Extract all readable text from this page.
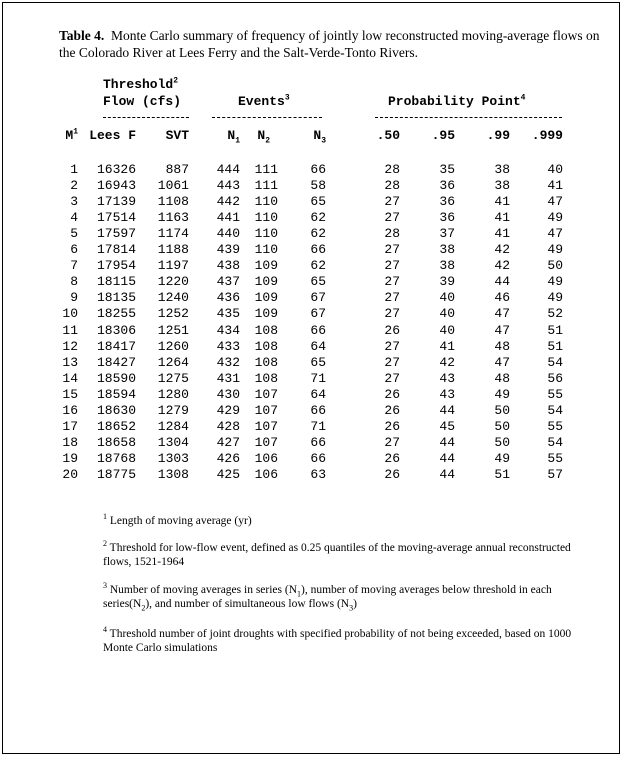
Table 4. Monte Carlo summary of frequency of jointly low reconstructed moving-average flows on the Colorado River at Lees Ferry and the Salt-Verde-Tonto Rivers.
Threshold$^2$
Flow (cfs)	Events$^3$	Probability Point$^4$
$M^1$ Lees F SVT	$N_1$ $N_2$	$N_3$	.50 .95 .99 .999
1 16326 887 444 111 66	28	35	38	40
2 16943 1061 443 111 58	28	36	38	41
3 17139 1108 442 110 65	27	36	41	47
4 17514 1163 441 110 62	27	36	41	49
5 17597 1174 440 110 62	28	37	41	47
6 17814 1188 439 110 66	27	38	42	49
7 17954 1197 438 109 62	27	38	42	50
8 18115 1220 437 109 65	27	39	44	49
9 18135 1240 436 109 67	27	40	46	49
10 18255 1252 435 109 67	27	40	47	52
11 18306 1251 434 108 66	26	40	47	51
12 18417 1260 433 108 64	27	41	48	51
13 18427 1264 432 108 65	27	42	47	54
14 18590 1275 431 108 71	27	43	48	56
15 18594 1280 430 107 64	26	43	49	55
16 18630 1279 429 107 66	26	44	50	54
17 18652 1284 428 107 71	26	45	50	55
18 18658 1304 427 107 66	27	44	50	54
19 18768 1303 426 106 66	26	44	49	55
20 18775 1308 425 106 63	26	44	51	57
$^1$ Length of moving average (yr)
$^2$ Threshold for low-flow event, defined as 0.25 quantiles of the moving-average annual reconstructed flows, 1521-1964
$^3$ Number of moving averages in series $(N_1)$, number of moving averages below threshold in each $series(N_2)$, and number of simultaneous low flows $(N_3)$
$^4$ Threshold number of joint droughts with specified probability of not being exceeded, based on 1000 Monte Carlo simulations
